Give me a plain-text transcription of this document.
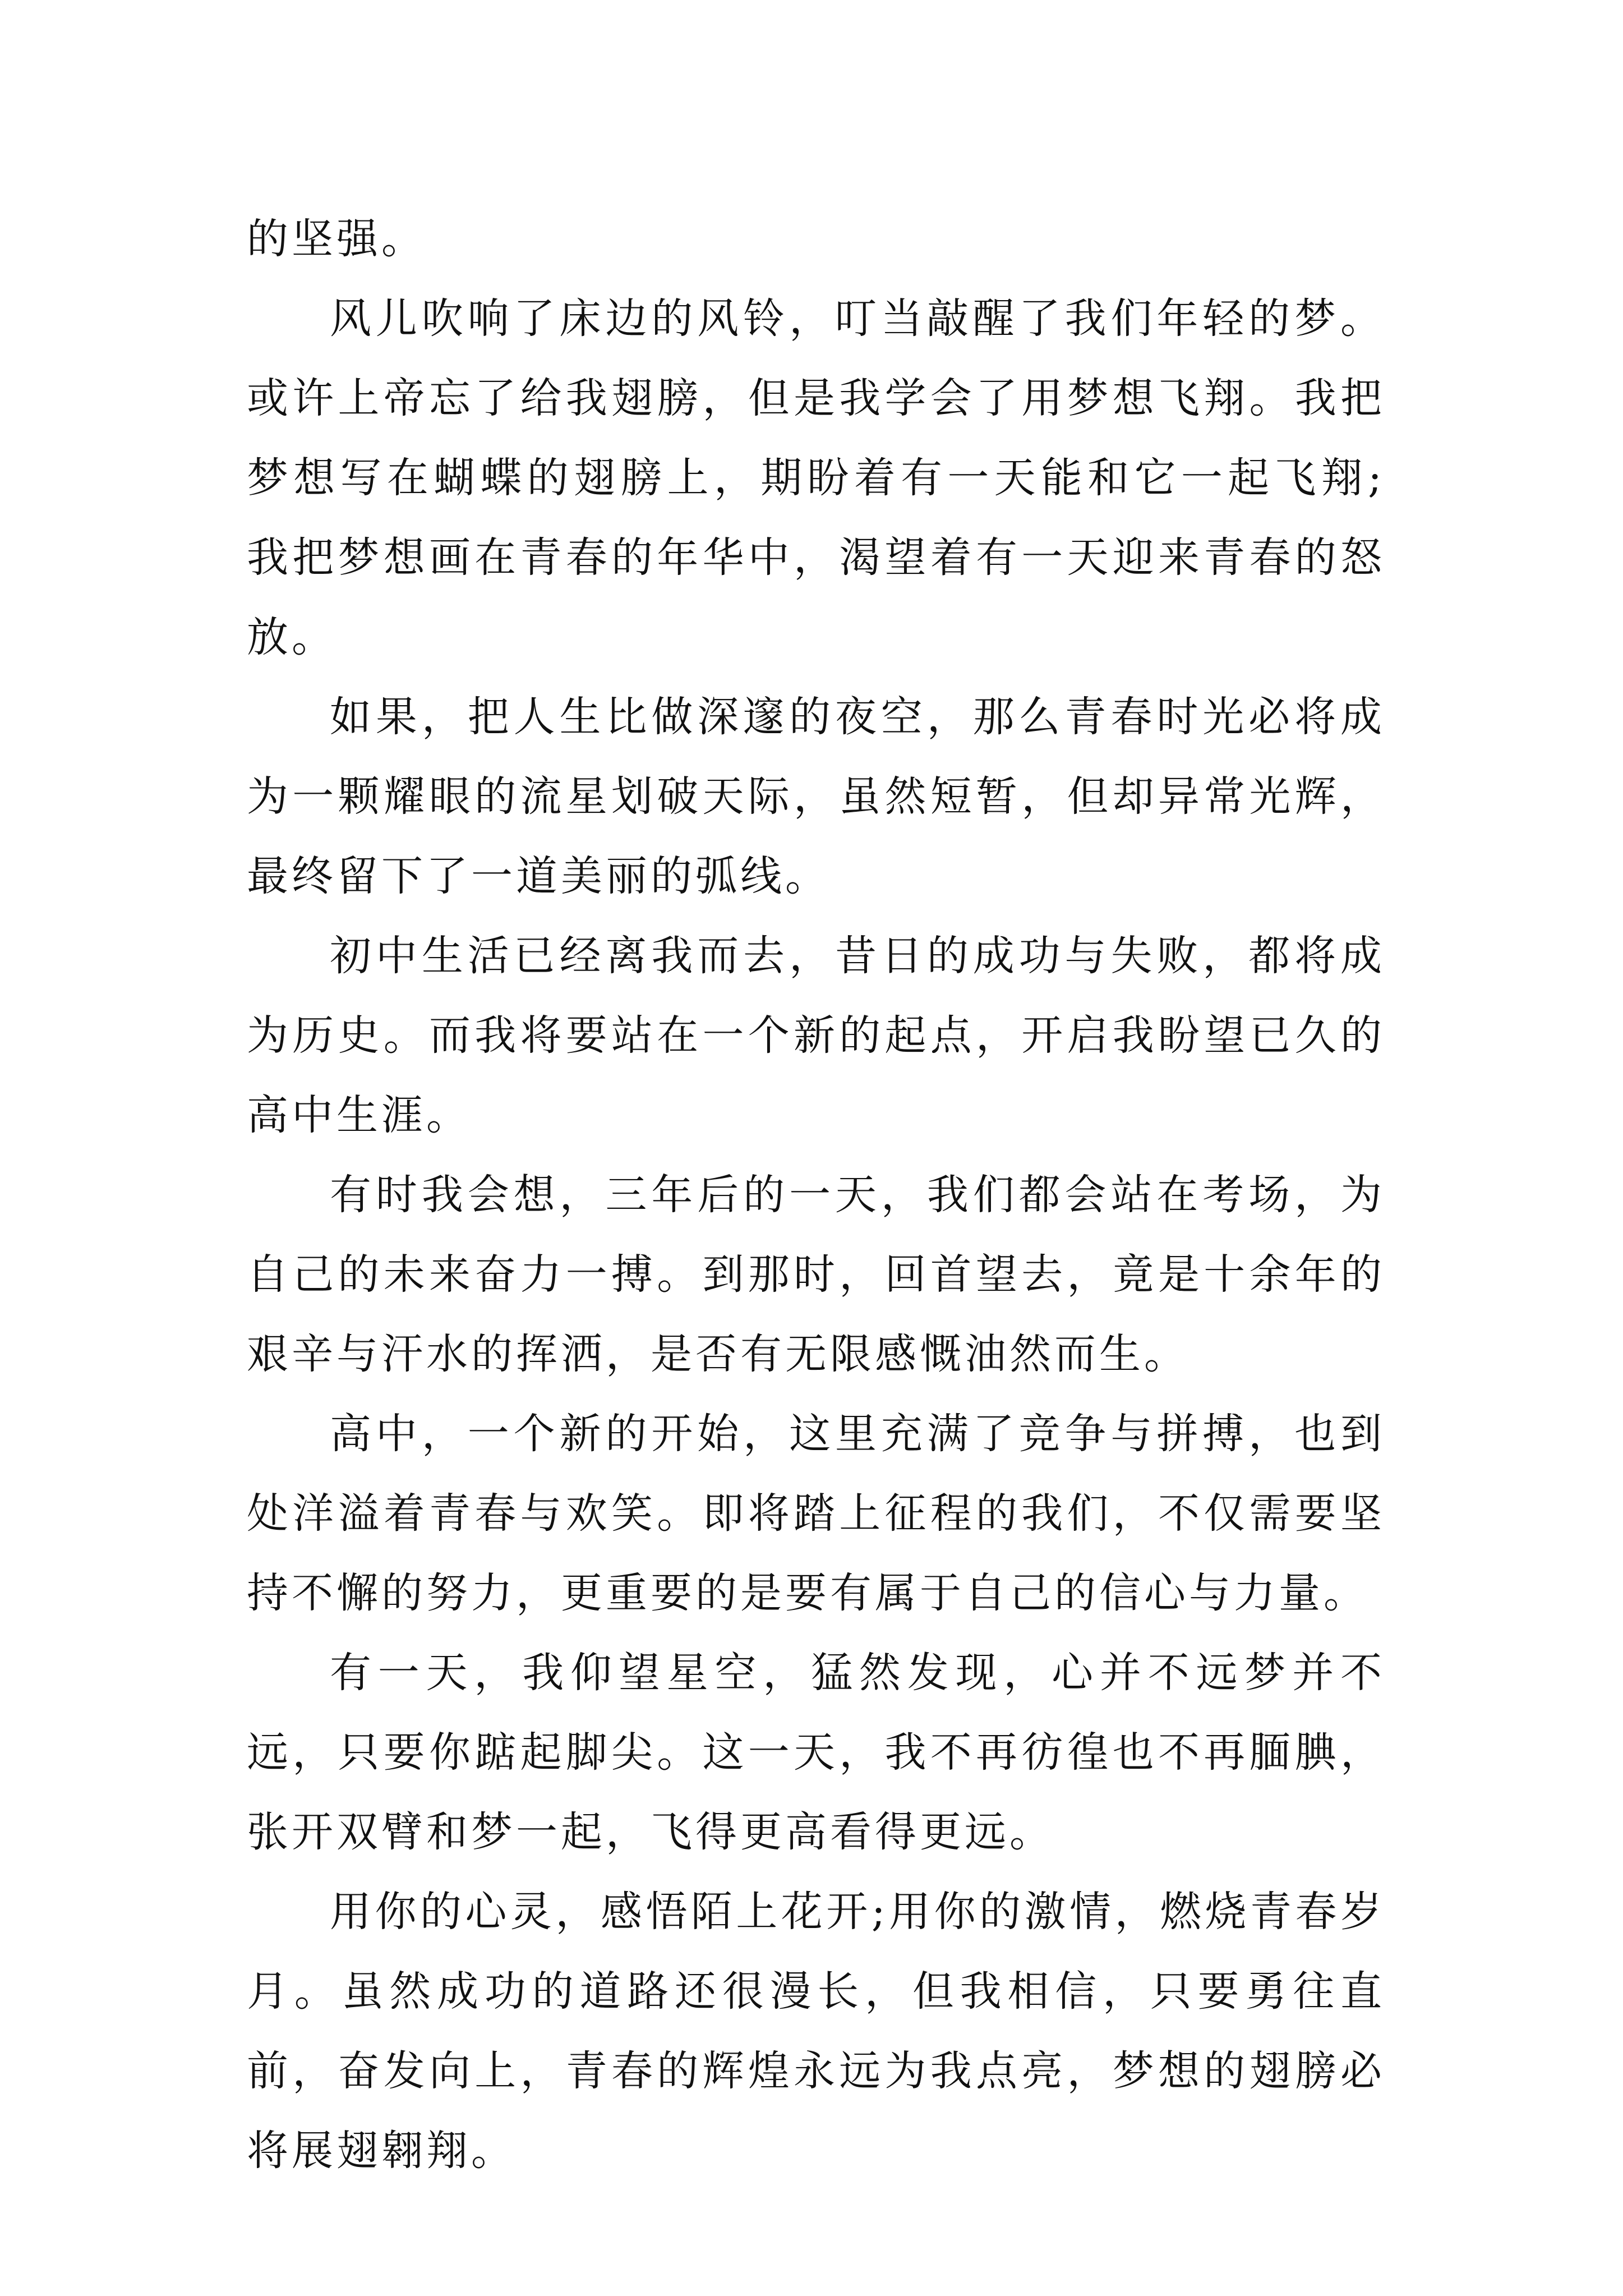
的坚强。

风儿吹响了床边的风铃，叮当敲醒了我们年轻的梦。或许上帝忘了给我翅膀，但是我学会了用梦想飞翔。我把梦想写在蝴蝶的翅膀上，期盼着有一天能和它一起飞翔;我把梦想画在青春的年华中，渴望着有一天迎来青春的怒放。

如果，把人生比做深邃的夜空，那么青春时光必将成为一颗耀眼的流星划破天际，虽然短暂，但却异常光辉，最终留下了一道美丽的弧线。

初中生活已经离我而去，昔日的成功与失败，都将成为历史。而我将要站在一个新的起点，开启我盼望已久的高中生涯。

有时我会想，三年后的一天，我们都会站在考场，为自己的未来奋力一搏。到那时，回首望去，竟是十余年的艰辛与汗水的挥洒，是否有无限感慨油然而生。

高中，一个新的开始，这里充满了竞争与拼搏，也到处洋溢着青春与欢笑。即将踏上征程的我们，不仅需要坚持不懈的努力，更重要的是要有属于自己的信心与力量。

有一天，我仰望星空，猛然发现，心并不远梦并不远，只要你踮起脚尖。这一天，我不再彷徨也不再腼腆，张开双臂和梦一起，飞得更高看得更远。

用你的心灵，感悟陌上花开;用你的激情，燃烧青春岁月。虽然成功的道路还很漫长，但我相信，只要勇往直前，奋发向上，青春的辉煌永远为我点亮，梦想的翅膀必将展翅翱翔。
